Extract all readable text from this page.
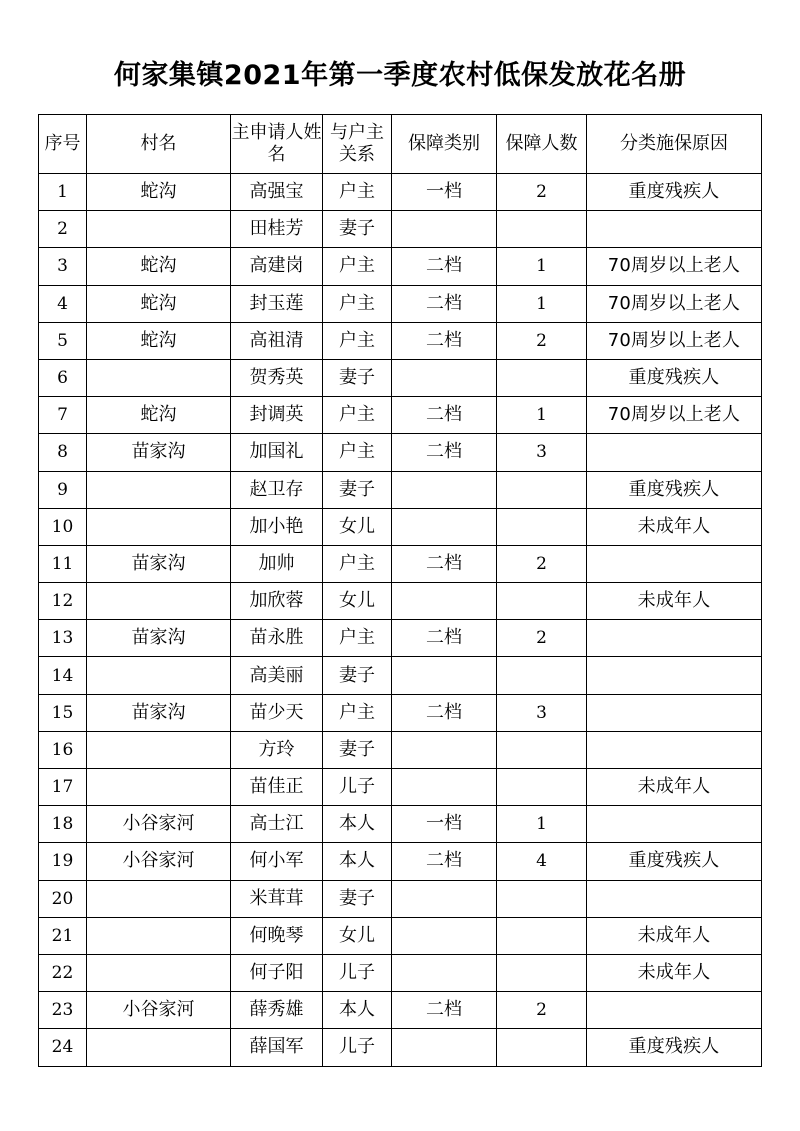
何家集镇2021年第一季度农村低保发放花名册
序号	村名	主申请人姓名	与户主关系	保障类别	保障人数	分类施保原因
1	蛇沟	高强宝	户主	一档	2	重度残疾人
2		田桂芳	妻子			
3	蛇沟	高建岗	户主	二档	1	70周岁以上老人
4	蛇沟	封玉莲	户主	二档	1	70周岁以上老人
5	蛇沟	高祖清	户主	二档	2	70周岁以上老人
6		贺秀英	妻子			重度残疾人
7	蛇沟	封调英	户主	二档	1	70周岁以上老人
8	苗家沟	加国礼	户主	二档	3	
9		赵卫存	妻子			重度残疾人
10		加小艳	女儿			未成年人
11	苗家沟	加帅	户主	二档	2	
12		加欣蓉	女儿			未成年人
13	苗家沟	苗永胜	户主	二档	2	
14		高美丽	妻子			
15	苗家沟	苗少天	户主	二档	3	
16		方玲	妻子			
17		苗佳正	儿子			未成年人
18	小谷家河	高士江	本人	一档	1	
19	小谷家河	何小军	本人	二档	4	重度残疾人
20		米茸茸	妻子			
21		何晚琴	女儿			未成年人
22		何子阳	儿子			未成年人
23	小谷家河	薛秀雄	本人	二档	2	
24		薛国军	儿子			重度残疾人
